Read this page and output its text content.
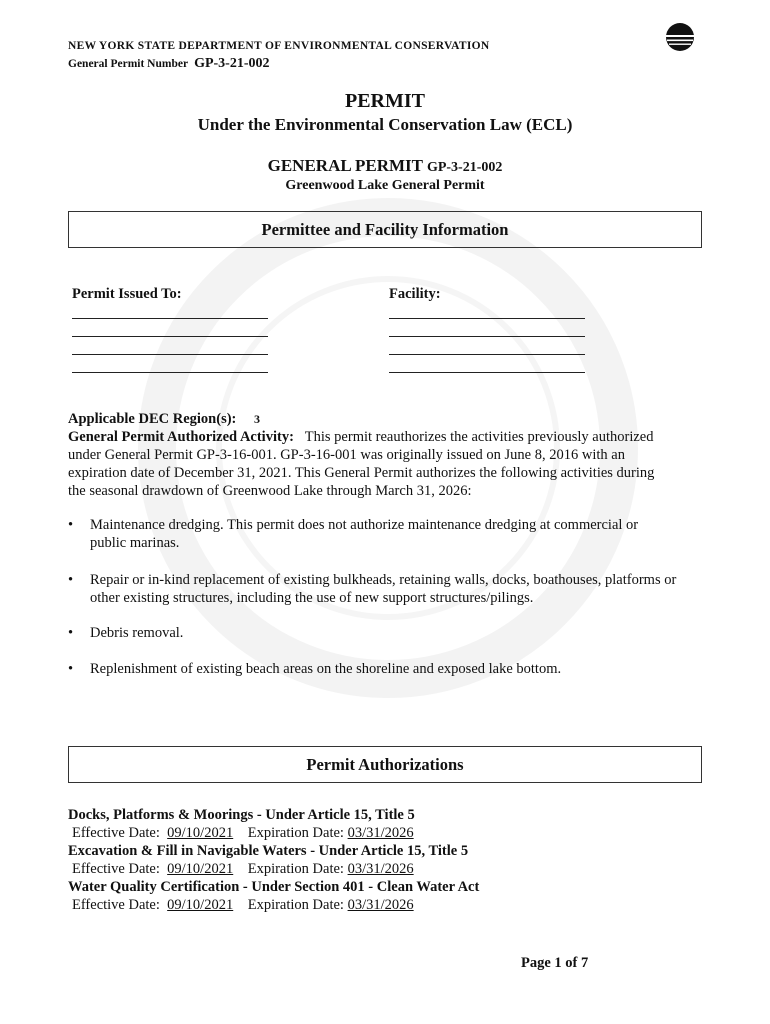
NEW YORK STATE DEPARTMENT OF ENVIRONMENTAL CONSERVATION
General Permit Number GP-3-21-002
PERMIT
Under the Environmental Conservation Law (ECL)
GENERAL PERMIT GP-3-21-002
Greenwood Lake General Permit
Permittee and Facility Information
Permit Issued To:	Facility:
Applicable DEC Region(s): 3
General Permit Authorized Activity: This permit reauthorizes the activities previously authorized
under General Permit GP-3-16-001. GP-3-16-001 was originally issued on June 8, 2016 with an
expiration date of December 31, 2021. This General Permit authorizes the following activities during
the seasonal drawdown of Greenwood Lake through March 31, 2026:
• Maintenance dredging. This permit does not authorize maintenance dredging at commercial or
public marinas.
• Repair or in-kind replacement of existing bulkheads, retaining walls, docks, boathouses, platforms or
other existing structures, including the use of new support structures/pilings.
• Debris removal.
• Replenishment of existing beach areas on the shoreline and exposed lake bottom.
Permit Authorizations
Docks, Platforms & Moorings - Under Article 15, Title 5
Effective Date: 09/10/2021 Expiration Date: 03/31/2026
Excavation & Fill in Navigable Waters - Under Article 15, Title 5
Effective Date: 09/10/2021 Expiration Date: 03/31/2026
Water Quality Certification - Under Section 401 - Clean Water Act
Effective Date: 09/10/2021 Expiration Date: 03/31/2026
Page 1 of 7
